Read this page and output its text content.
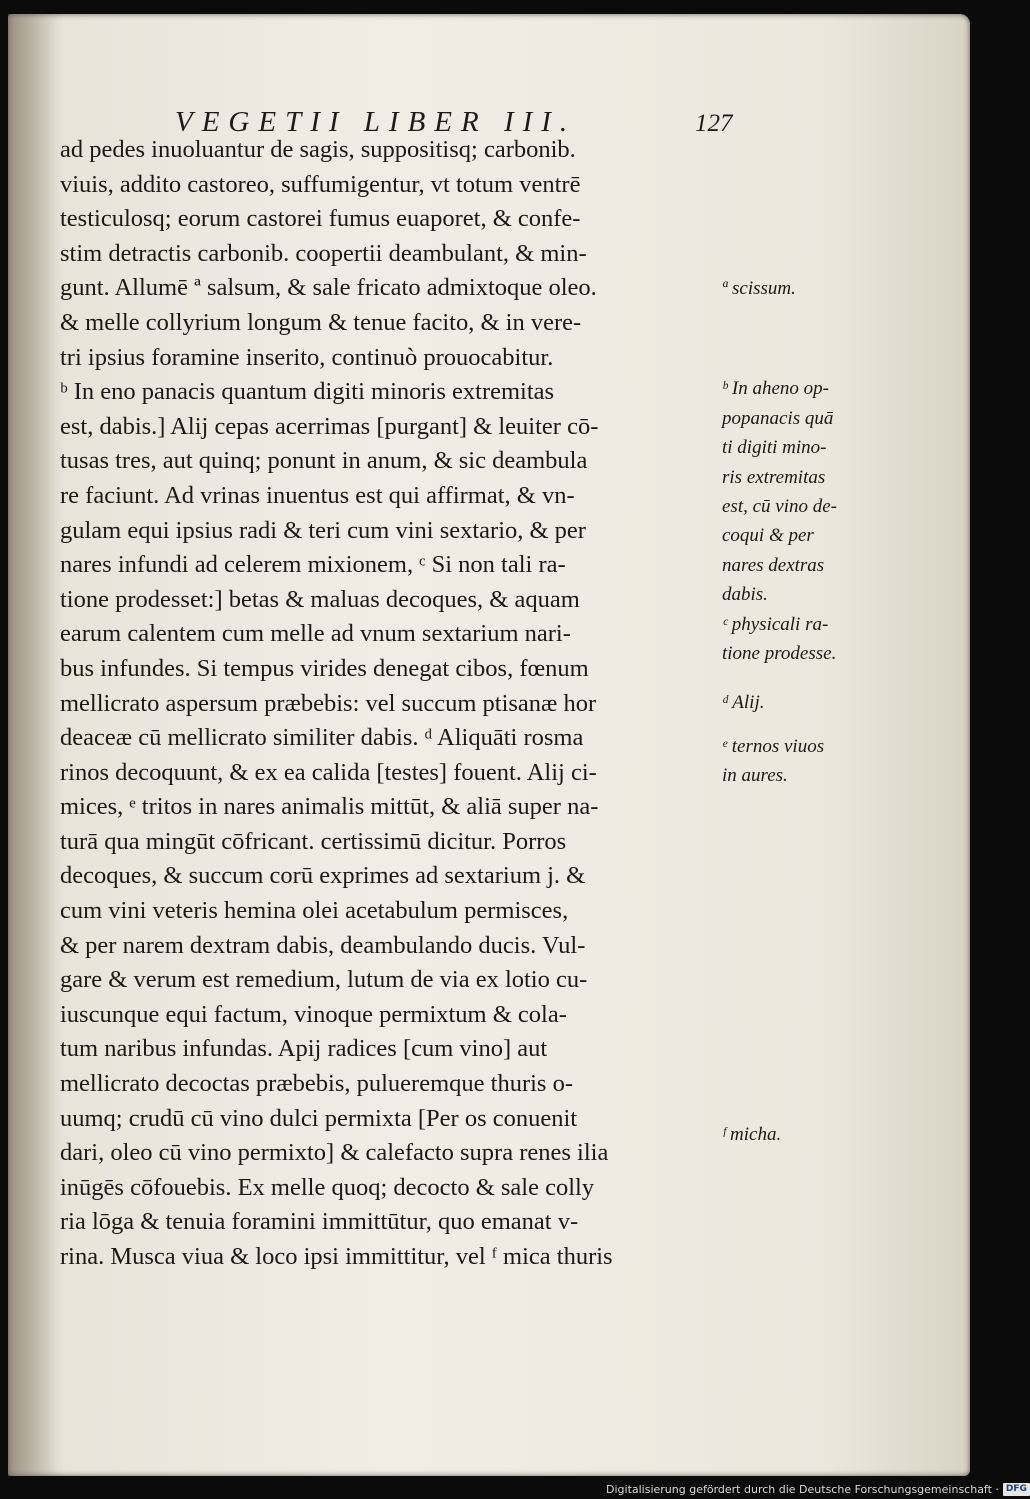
VEGETII LIBER III.	127
ad pedes inuoluantur de sagis, suppositisq; carbonib.
viuis, addito castoreo, suffumigentur, vt totum ventrē
testiculosq; eorum castorei fumus euaporet, & confe-
stim detractis carbonib. coopertii deambulant, & min-
gunt. Allumē ª salsum, & sale fricato admixtoque oleo.
& melle collyrium longum & tenue facito, & in vere-
tri ipsius foramine inserito, continuò prouocabitur.
ᵇ In eno panacis quantum digiti minoris extremitas
est, dabis.] Alij cepas acerrimas [purgant] & leuiter cō-
tusas tres, aut quinq; ponunt in anum, & sic deambula
re faciunt. Ad vrinas inuentus est qui affirmat, & vn-
gulam equi ipsius radi & teri cum vini sextario, & per
nares infundi ad celerem mixionem, ᶜ Si non tali ra-
tione prodesset:] betas & maluas decoques, & aquam
earum calentem cum melle ad vnum sextarium nari-
bus infundes. Si tempus virides denegat cibos, fœnum
mellicrato aspersum præbebis: vel succum ptisanæ hor
deaceæ cū mellicrato similiter dabis. ᵈ Aliquāti rosma
rinos decoquunt, & ex ea calida [testes] fouent. Alij ci-
mices, ᵉ tritos in nares animalis mittūt, & aliā super na-
turā qua mingūt cōfricant. certissimū dicitur. Porros
decoques, & succum corū exprimes ad sextarium j. &
cum vini veteris hemina olei acetabulum permisces,
& per narem dextram dabis, deambulando ducis. Vul-
gare & verum est remedium, lutum de via ex lotio cu-
iuscunque equi factum, vinoque permixtum & cola-
tum naribus infundas. Apij radices [cum vino] aut
mellicrato decoctas præbebis, pulueremque thuris o-
uumq; crudū cū vino dulci permixta [Per os conuenit
dari, oleo cū vino permixto] & calefacto supra renes ilia
inūgēs cōfouebis. Ex melle quoq; decocto & sale colly
ria lōga & tenuia foramini immittūtur, quo emanat v-
rina. Musca viua & loco ipsi immittitur, vel ᶠ mica thuris
ª scissum.
ᵇ In aheno op-
popanacis quā
ti digiti mino-
ris extremitas
est, cū vino de-
coqui & per
nares dextras
dabis.
ᶜ physicali ra-
tione prodesse.
ᵈ Alij.
ᵉ ternos viuos
in aures.
ᶠ micha.
Digitalisierung gefördert durch die Deutsche Forschungsgemeinschaft · DFG
